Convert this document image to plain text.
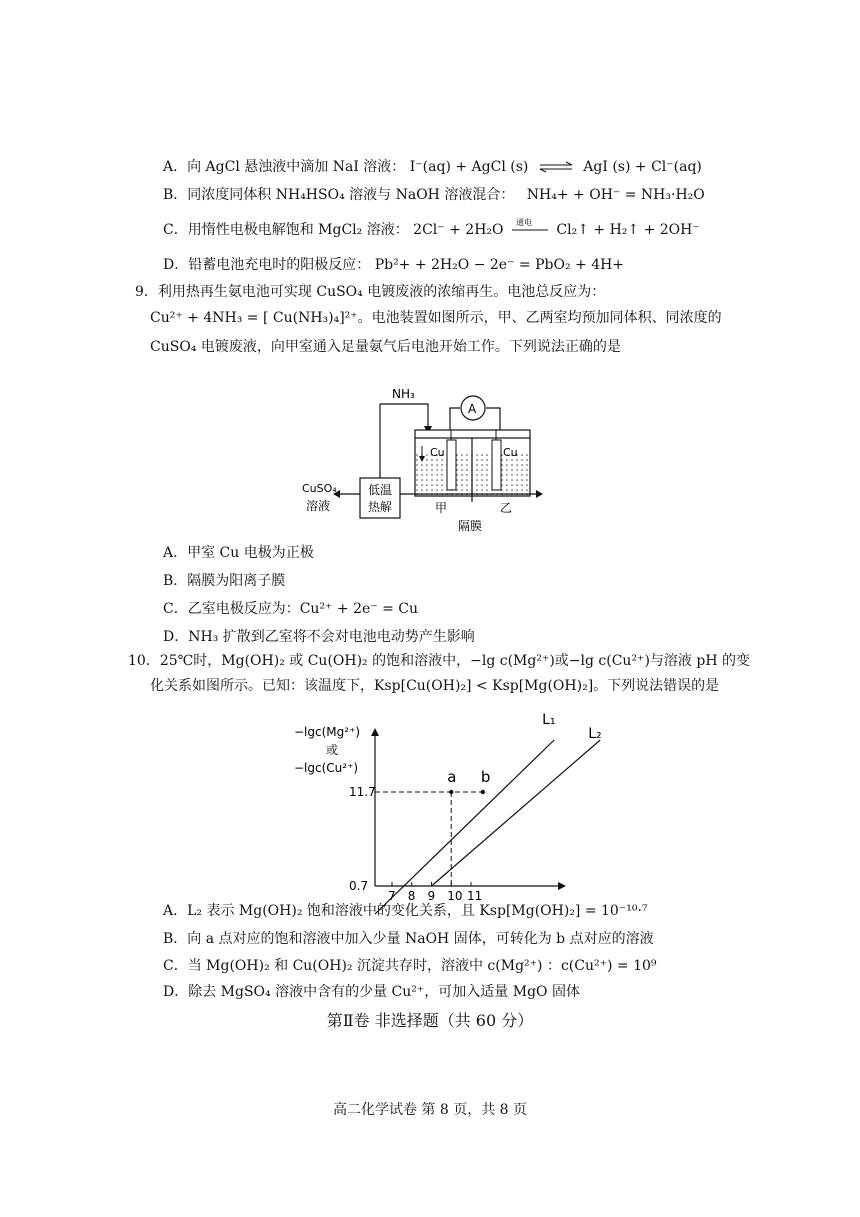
A．向 AgCl 悬浊液中滴加 NaI 溶液： I⁻(aq) + AgCl (s) ⇌ AgI (s) + Cl⁻(aq)
B．同浓度同体积 NH₄HSO₄ 溶液与 NaOH 溶液混合： NH₄+ + OH⁻ = NH₃·H₂O
C．用惰性电极电解饱和 MgCl₂ 溶液： 2Cl⁻ + 2H₂O 通电 Cl₂↑ + H₂↑ + 2OH⁻
D．铅蓄电池充电时的阳极反应： Pb²+ + 2H₂O − 2e⁻ = PbO₂ + 4H+
9．利用热再生氨电池可实现 CuSO₄ 电镀废液的浓缩再生。电池总反应为：
Cu²⁺ + 4NH₃ = [ Cu(NH₃)₄]²⁺。电池装置如图所示，甲、乙两室均预加同体积、同浓度的
CuSO₄ 电镀废液，向甲室通入足量氨气后电池开始工作。下列说法正确的是
NH₃
A
Cu	Cu
低温
热解
CuSO₄
溶液	甲	乙
隔膜
A．甲室 Cu 电极为正极
B．隔膜为阳离子膜
C．乙室电极反应为：Cu²⁺ + 2e⁻ = Cu
D．NH₃ 扩散到乙室将不会对电池电动势产生影响
10．25℃时，Mg(OH)₂ 或 Cu(OH)₂ 的饱和溶液中，−lg c(Mg²⁺)或−lg c(Cu²⁺)与溶液 pH 的变
化关系如图所示。已知：该温度下，Ksp[Cu(OH)₂] < Ksp[Mg(OH)₂]。下列说法错误的是
−lgc(Mg²⁺)
或
−lgc(Cu²⁺)
7 8 9 10 11
11.7
0.7
L₁
L₂
a b
A．L₂ 表示 Mg(OH)₂ 饱和溶液中的变化关系，且 Ksp[Mg(OH)₂] = 10⁻¹⁰·⁷
B．向 a 点对应的饱和溶液中加入少量 NaOH 固体，可转化为 b 点对应的溶液
C．当 Mg(OH)₂ 和 Cu(OH)₂ 沉淀共存时，溶液中 c(Mg²⁺) ：c(Cu²⁺) = 10⁹
D．除去 MgSO₄ 溶液中含有的少量 Cu²⁺，可加入适量 MgO 固体
第Ⅱ卷 非选择题（共 60 分）
高二化学试卷 第 8 页，共 8 页
